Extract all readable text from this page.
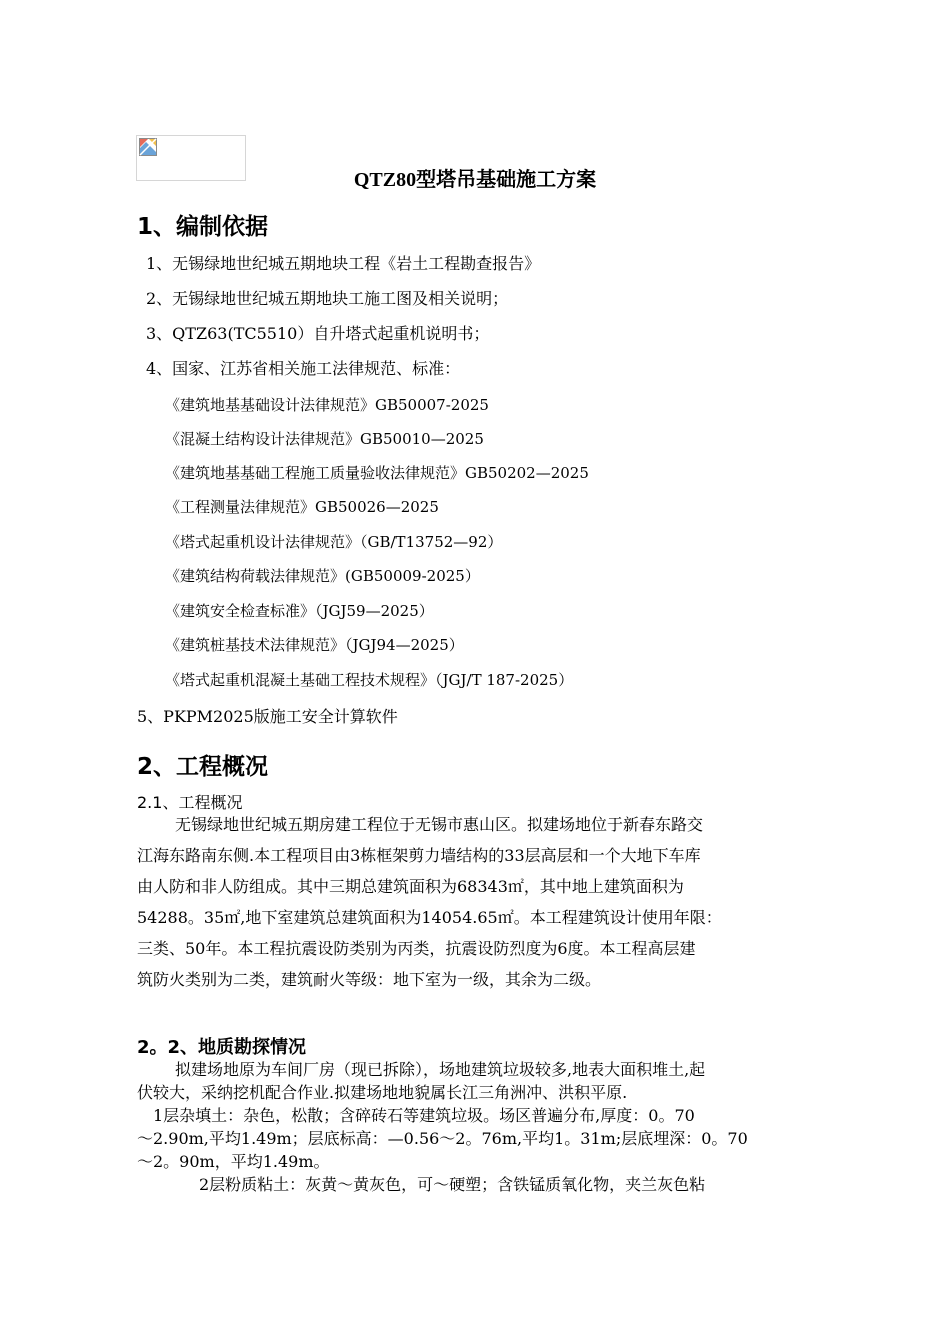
QTZ80型塔吊基础施工方案
1、编制依据
1、无锡绿地世纪城五期地块工程《岩土工程勘查报告》
2、无锡绿地世纪城五期地块工施工图及相关说明；
3、QTZ63(TC5510）自升塔式起重机说明书；
4、国家、江苏省相关施工法律规范、标准：
《建筑地基基础设计法律规范》GB50007-2025
《混凝土结构设计法律规范》GB50010—2025
《建筑地基基础工程施工质量验收法律规范》GB50202—2025
《工程测量法律规范》GB50026—2025
《塔式起重机设计法律规范》（GB/T13752—92）
《建筑结构荷载法律规范》(GB50009-2025）
《建筑安全检查标准》（JGJ59—2025）
《建筑桩基技术法律规范》（JGJ94—2025）
《塔式起重机混凝土基础工程技术规程》（JGJ/T 187-2025）
5、PKPM2025版施工安全计算软件
2、工程概况
2.1、工程概况

无锡绿地世纪城五期房建工程位于无锡市惠山区。拟建场地位于新春东路交

江海东路南东侧.本工程项目由3栋框架剪力墙结构的33层高层和一个大地下车库

由人防和非人防组成。其中三期总建筑面积为68343㎡，其中地上建筑面积为

54288。35㎡,地下室建筑总建筑面积为14054.65㎡。本工程建筑设计使用年限：

三类、50年。本工程抗震设防类别为丙类，抗震设防烈度为6度。本工程高层建

筑防火类别为二类，建筑耐火等级：地下室为一级，其余为二级。

2。2、地质勘探情况

拟建场地原为车间厂房（现已拆除），场地建筑垃圾较多,地表大面积堆土,起

伏较大，采纳挖机配合作业.拟建场地地貌属长江三角洲冲、洪积平原.

1层杂填土：杂色，松散；含碎砖石等建筑垃圾。场区普遍分布,厚度：0。70

～2.90m,平均1.49m；层底标高：—0.56～2。76m,平均1。31m;层底埋深：0。70

～2。90m，平均1.49m。

2层粉质粘土：灰黄～黄灰色，可～硬塑；含铁锰质氧化物，夹兰灰色粘
